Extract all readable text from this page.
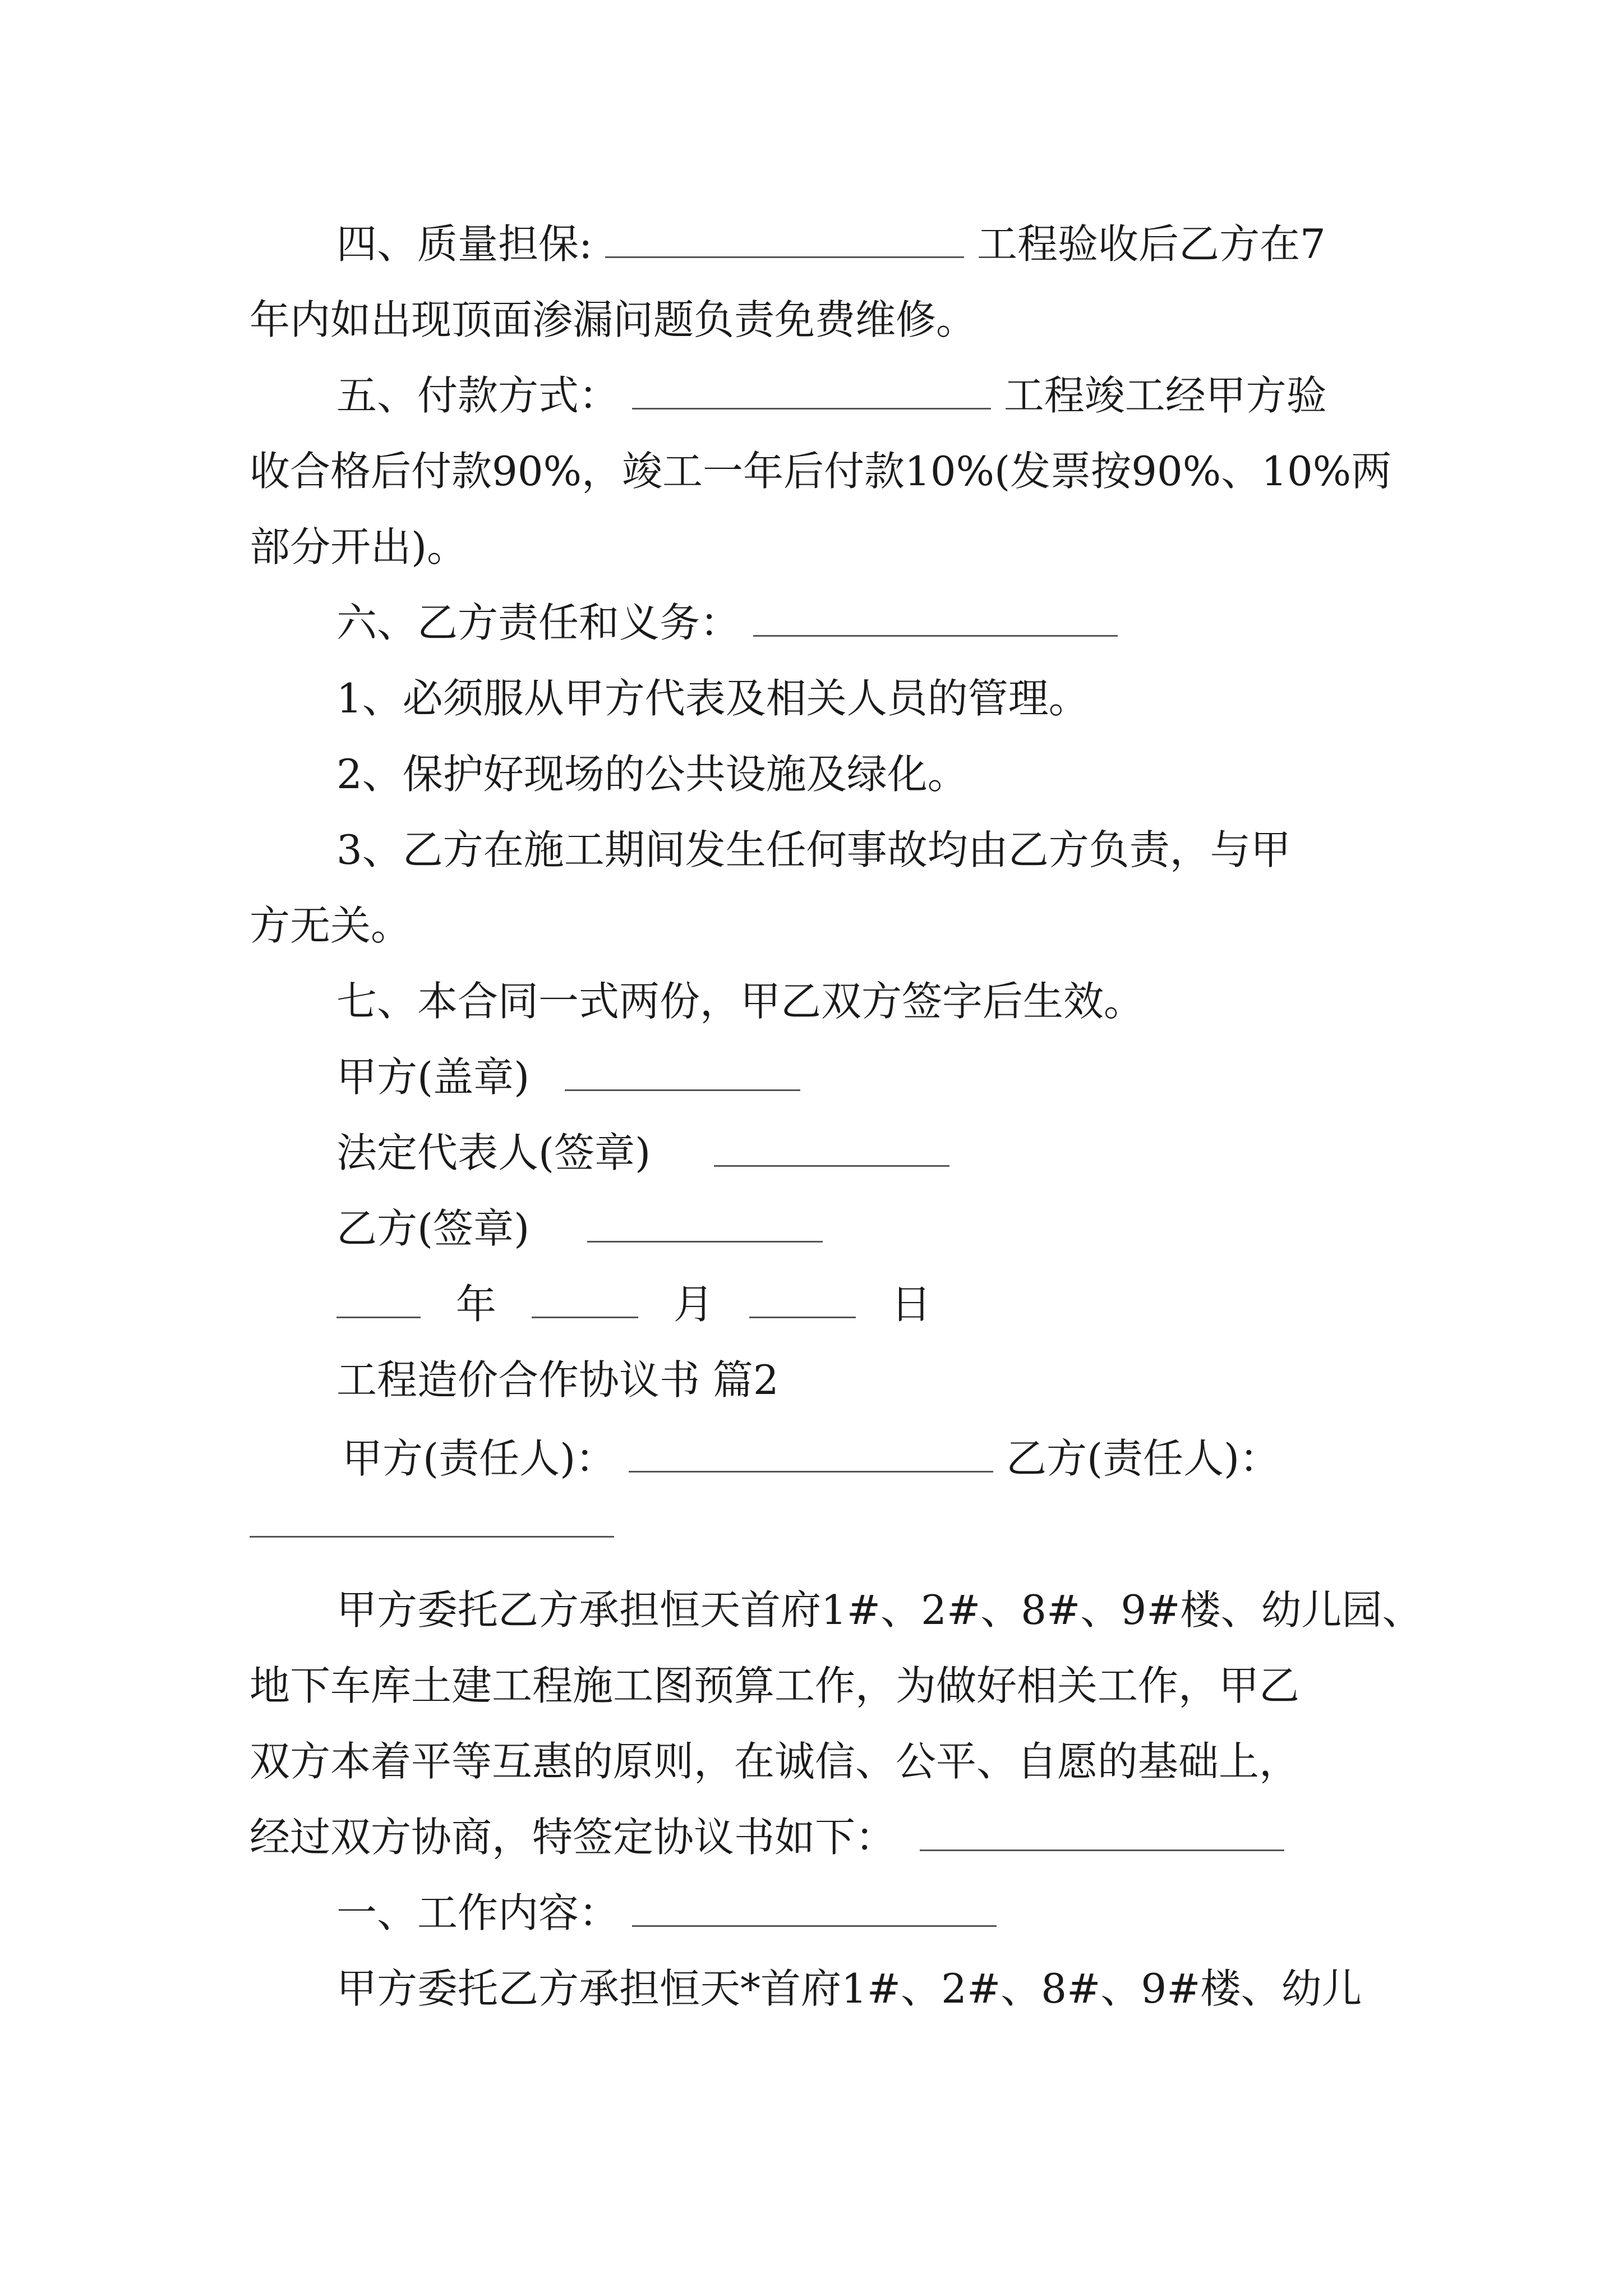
四、质量担保:	工程验收后乙方在7
年内如出现顶面渗漏问题负责免费维修。
五、付款方式：	工程竣工经甲方验
收合格后付款90%，竣工一年后付款10%(发票按90%、10%两
部分开出)。
六、乙方责任和义务：
1、必须服从甲方代表及相关人员的管理。
2、保护好现场的公共设施及绿化。
3、乙方在施工期间发生任何事故均由乙方负责，与甲
方无关。
七、本合同一式两份，甲乙双方签字后生效。
甲方(盖章)
法定代表人(签章)
乙方(签章)
年	月	日
工程造价合作协议书 篇2
甲方(责任人)：	乙方(责任人)：
甲方委托乙方承担恒天首府1#、2#、8#、9#楼、幼儿园、
地下车库土建工程施工图预算工作，为做好相关工作，甲乙
双方本着平等互惠的原则，在诚信、公平、自愿的基础上，
经过双方协商，特签定协议书如下：
一、工作内容：
甲方委托乙方承担恒天*首府1#、2#、8#、9#楼、幼儿
